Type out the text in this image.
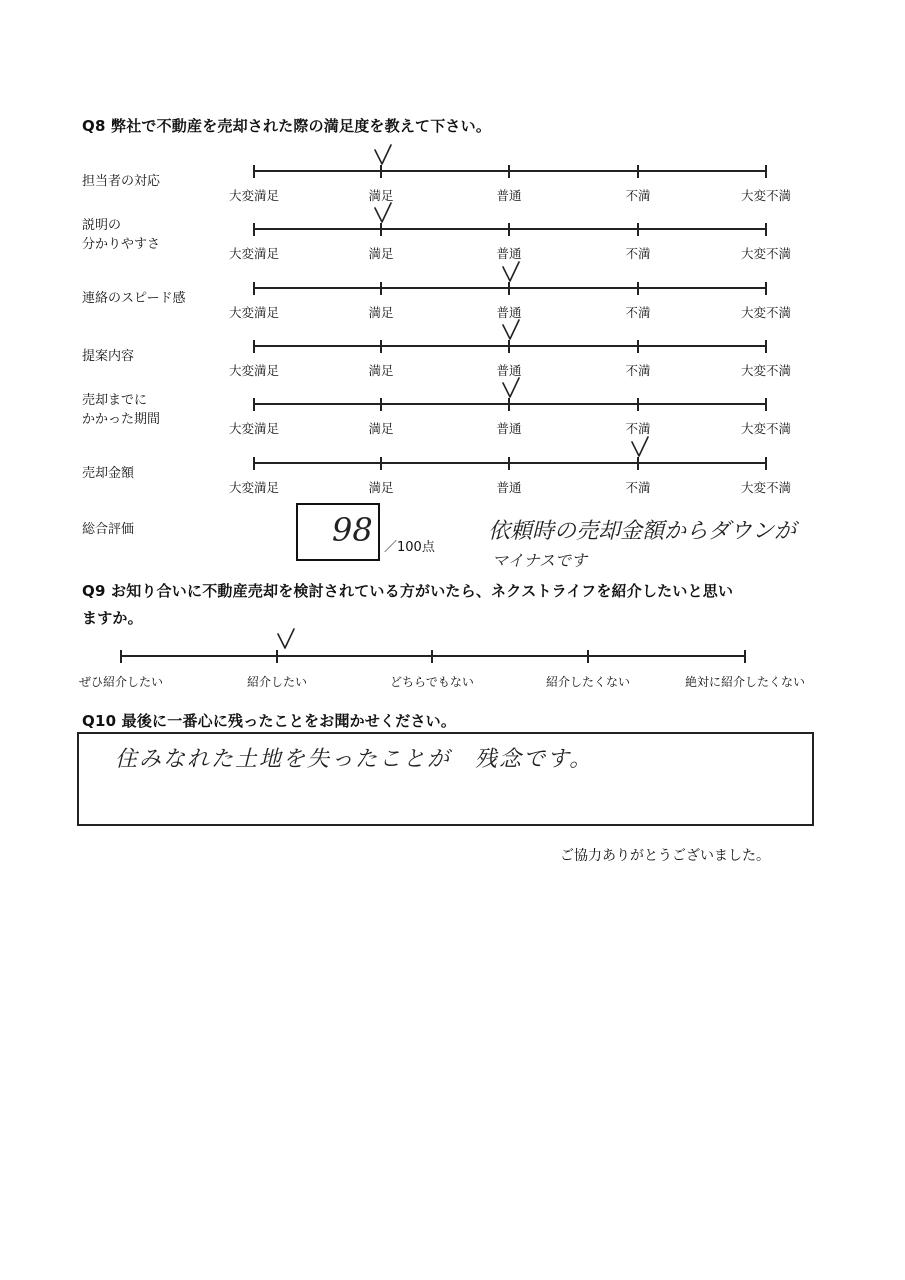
Q8 弊社で不動産を売却された際の満足度を教えて下さい。
担当者の対応
大変満足	満足	普通	不満	大変不満
説明の
分かりやすさ
大変満足	満足	普通	不満	大変不満
連絡のスピード感
大変満足	満足	普通	不満	大変不満
提案内容
大変満足	満足	普通	不満	大変不満
売却までに
かかった期間
大変満足	満足	普通	不満	大変不満
売却金額
大変満足	満足	普通	不満	大変不満
総合評価	98 ／100点
依頼時の売却金額からダウンが
マイナスです
Q9 お知り合いに不動産売却を検討されている方がいたら、ネクストライフを紹介したいと思い
ますか。
ぜひ紹介したい	紹介したい	どちらでもない	紹介したくない	絶対に紹介したくない
Q10 最後に一番心に残ったことをお聞かせください。
住みなれた土地を失ったことが　残念です。
ご協力ありがとうございました。
